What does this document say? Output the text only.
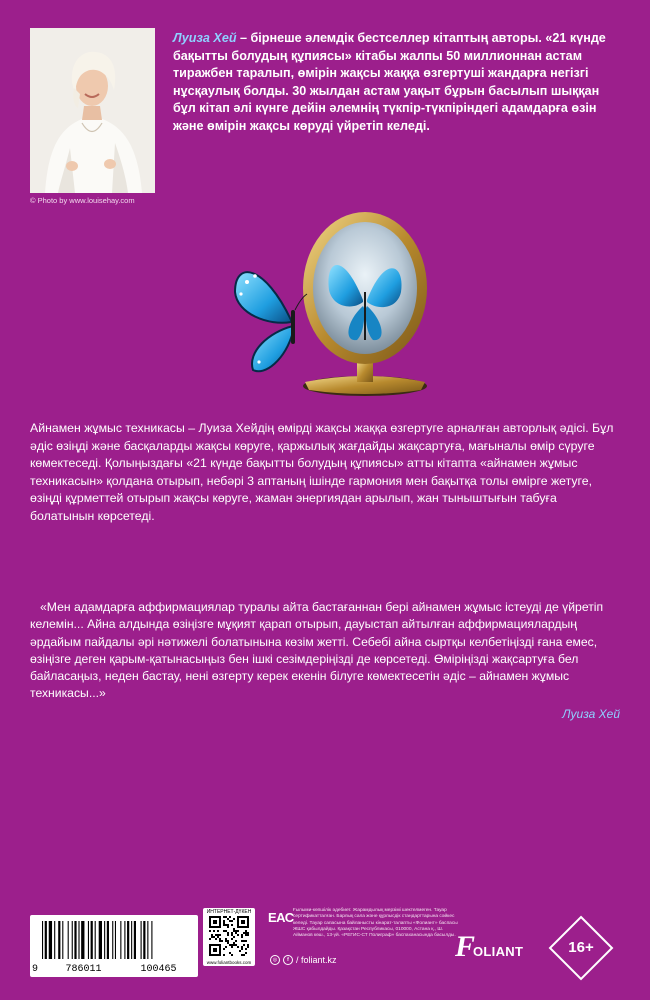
© Photo by www.louisehay.com
Луиза Хей – бірнеше әлемдік бестселлер кітаптың авторы. «21 күнде бақытты болудың құпиясы» кітабы жалпы 50 миллионнан астам тиражбен таралып, өмірін жақсы жаққа өзгертуші жандарға негізгі нұсқаулық болды. 30 жылдан астам уақыт бұрын басылып шыққан бұл кітап әлі күнге дейін әлемнің түкпір-түкпіріндегі адамдарға өзін және өмірін жақсы көруді үйретіп келеді.
Айнамен жұмыс техникасы – Луиза Хейдің өмірді жақсы жаққа өзгертуге арналған авторлық әдісі. Бұл әдіс өзіңді және басқаларды жақсы көруге, қаржылық жағдайды жақсартуға, мағыналы өмір сүруге көмектеседі. Қолыңыздағы «21 күнде бақытты болудың құпиясы» атты кітапта «айнамен жұмыс техникасын» қолдана отырып, небәрі 3 аптаның ішінде гармония мен бақытқа толы өмірге жетуге, өзіңді құрметтей отырып жақсы көруге, жаман энергиядан арылып, жан тыныштығын табуға болатынын көрсетеді.
«Мен адамдарға аффирмациялар туралы айта бастағаннан бері айнамен жұмыс істеуді де үйретіп келемін... Айна алдында өзіңізге мұқият қарап отырып, дауыстап айтылған аффирмациялардың әрдайым пайдалы әрі нәтижелі болатынына көзім жетті. Себебі айна сыртқы келбетіңізді ғана емес, өзіңізге деген қарым-қатынасыңыз бен ішкі сезімдеріңізді де көрсетеді. Өміріңізді жақсартуға бел байласаңыз, неден бастау, нені өзгерту керек екенін білуге көмектесетін әдіс – айнамен жұмыс техникасы...»
Луиза Хей
9	786011	100465
ИНТЕРНЕТ-ДҮКЕН
www.foliantbooks.com
ЕАС Ғылыми-көпшілік әдебиет. Жарамдылық мерзімі шектелмеген. Тауар сертификатталған. Барлық сала және құрлысдік стандарттарына сәйкес келеді. Тауар сапасына байланысты кінарат-талапты «Фолиант» баспасы ЖШС қабылдайды. Қазақстан Республикасы, 010000, Астана қ., Ш. Айманов көш., 13-үй. «РЕГИС-СТ Полиграф» баспаханасында басылды.
◎	f / foliant.kz	F
OLIANT	16+
